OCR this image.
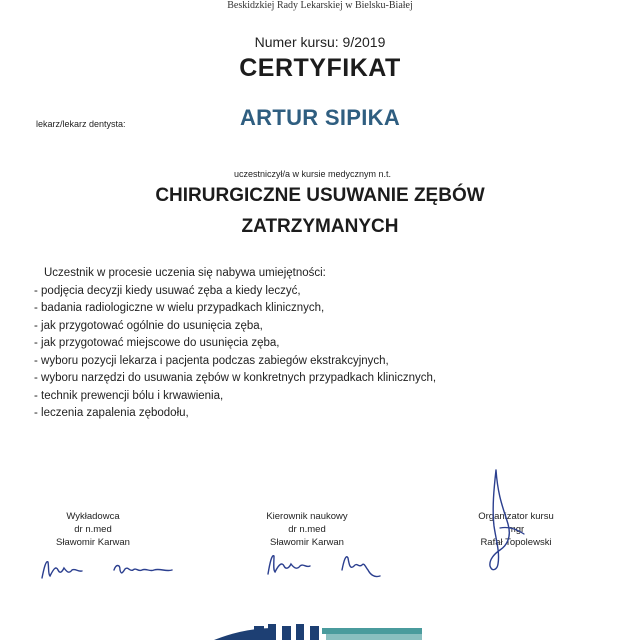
Beskidzkiej Rady Lekarskiej w Bielsku-Białej
Numer kursu: 9/2019
CERTYFIKAT
lekarz/lekarz dentysta:	ARTUR SIPIKA
uczestniczył/a w kursie medycznym n.t.
CHIRURGICZNE USUWANIE ZĘBÓW
ZATRZYMANYCH
Uczestnik w procesie uczenia się nabywa umiejętności:
- podjęcia decyzji kiedy usuwać zęba a kiedy leczyć,
- badania radiologiczne w wielu przypadkach klinicznych,
- jak przygotować ogólnie do usunięcia zęba,
- jak przygotować miejscowe do usunięcia zęba,
- wyboru pozycji lekarza i pacjenta podczas zabiegów ekstrakcyjnych,
- wyboru narzędzi do usuwania zębów w konkretnych przypadkach klinicznych,
- technik prewencji bólu i krwawienia,
- leczenia zapalenia zębodołu,
Wykładowca
dr n.med
Sławomir Karwan
Kierownik naukowy
dr n.med
Sławomir Karwan
Organizator kursu
mgr
Rafał Topolewski
